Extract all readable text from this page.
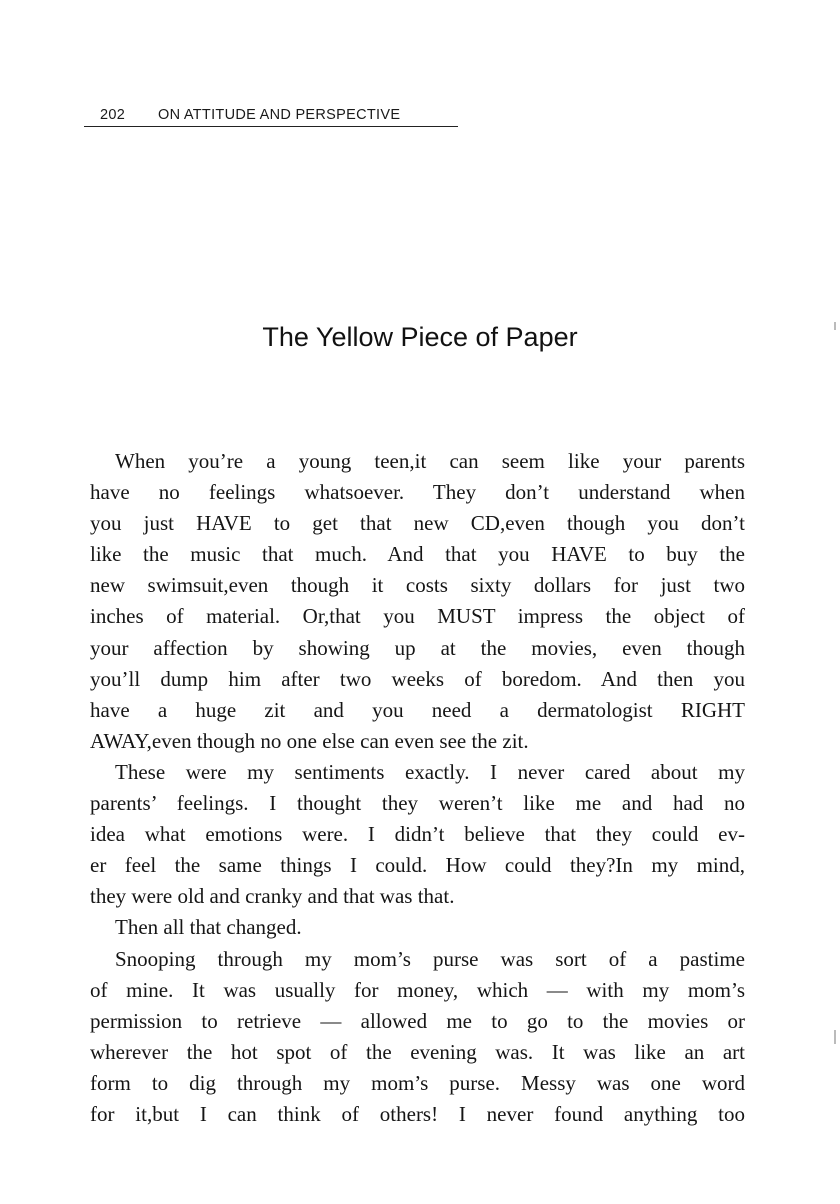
202 ON ATTITUDE AND PERSPECTIVE
The Yellow Piece of Paper
When you’re a young teen,it can seem like your parents
have no feelings whatsoever. They don’t understand when
you just HAVE to get that new CD,even though you don’t
like the music that much. And that you HAVE to buy the
new swimsuit,even though it costs sixty dollars for just two
inches of material. Or,that you MUST impress the object of
your affection by showing up at the movies, even though
you’ll dump him after two weeks of boredom. And then you
have a huge zit and you need a dermatologist RIGHT
AWAY,even though no one else can even see the zit.
These were my sentiments exactly. I never cared about my
parents’ feelings. I thought they weren’t like me and had no
idea what emotions were. I didn’t believe that they could ev-
er feel the same things I could. How could they?In my mind,
they were old and cranky and that was that.
Then all that changed.
Snooping through my mom’s purse was sort of a pastime
of mine. It was usually for money, which — with my mom’s
permission to retrieve — allowed me to go to the movies or
wherever the hot spot of the evening was. It was like an art
form to dig through my mom’s purse. Messy was one word
for it,but I can think of others! I never found anything too
